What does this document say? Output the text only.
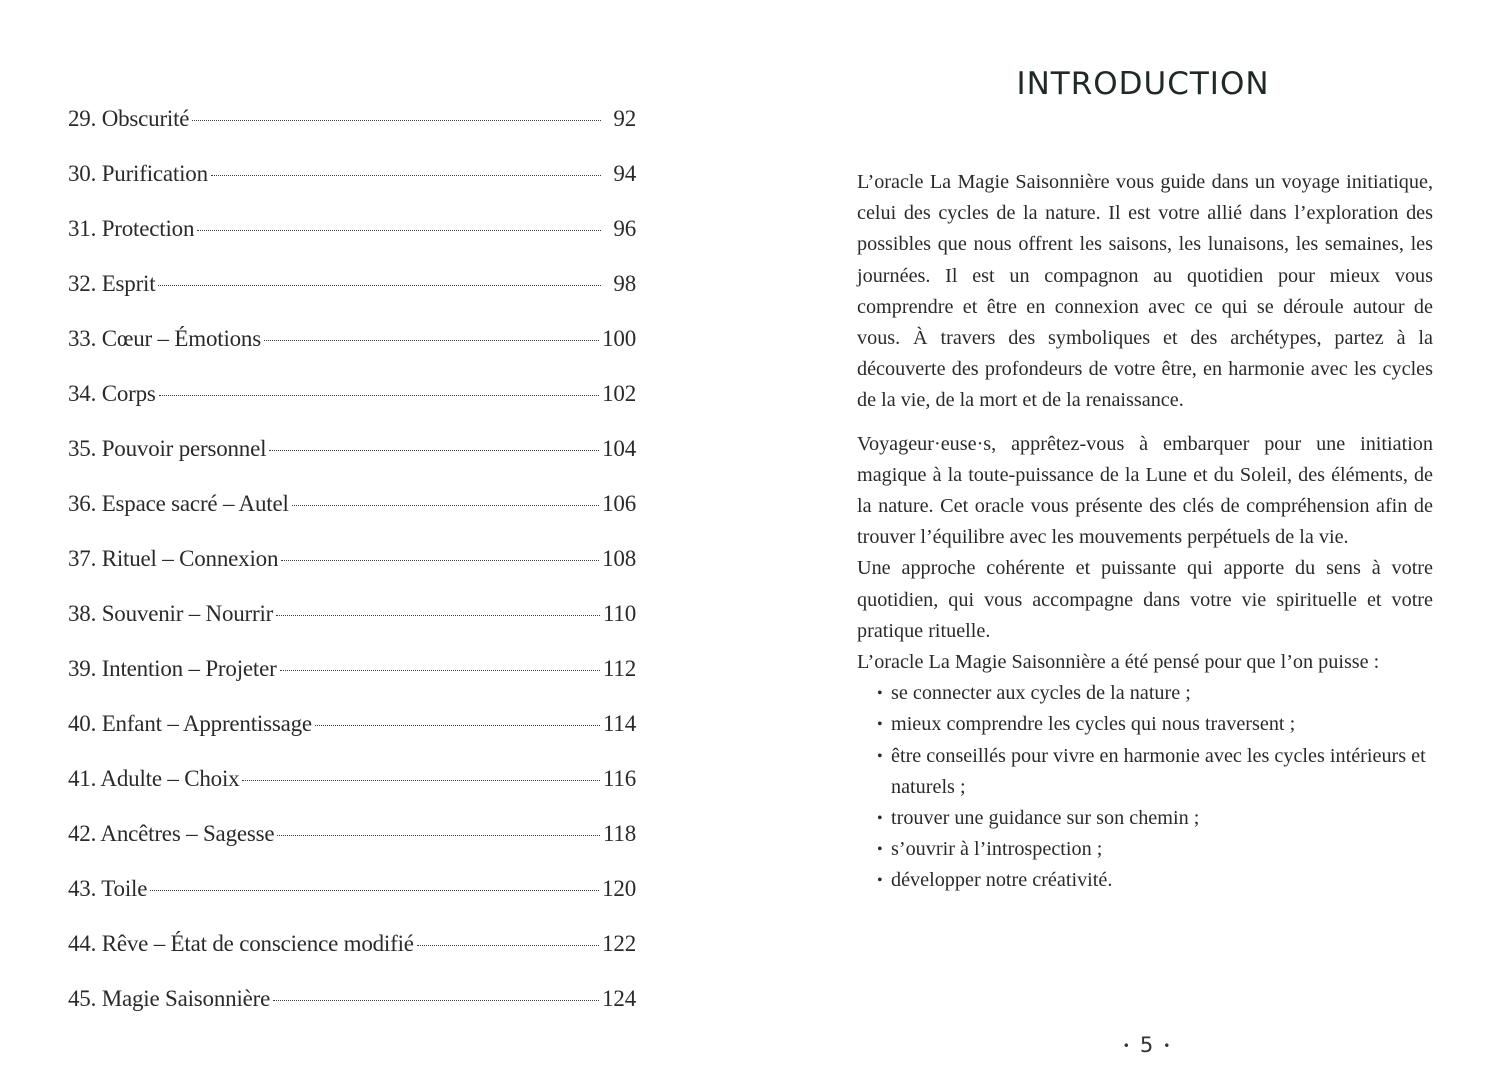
29. Obscurité	92
30. Purification	94
31. Protection	96
32. Esprit	98
33. Cœur – Émotions	100
34. Corps	102
35. Pouvoir personnel	104
36. Espace sacré – Autel	106
37. Rituel – Connexion	108
38. Souvenir – Nourrir	110
39. Intention – Projeter	112
40. Enfant – Apprentissage	114
41. Adulte – Choix	116
42. Ancêtres – Sagesse	118
43. Toile	120
44. Rêve – État de conscience modifié	122
45. Magie Saisonnière	124
INTRODUCTION

L’oracle La Magie Saisonnière vous guide dans un voyage initiatique, celui des cycles de la nature. Il est votre allié dans l’exploration des possibles que nous offrent les saisons, les lunaisons, les semaines, les journées. Il est un compagnon au quotidien pour mieux vous comprendre et être en connexion avec ce qui se déroule autour de vous. À travers des symboliques et des archétypes, partez à la découverte des profondeurs de votre être, en harmonie avec les cycles de la vie, de la mort et de la renaissance.

Voyageur·euse·s, apprêtez-vous à embarquer pour une initiation magique à la toute-puissance de la Lune et du Soleil, des éléments, de la nature. Cet oracle vous présente des clés de compréhension afin de trouver l’équilibre avec les mouvements perpétuels de la vie.

Une approche cohérente et puissante qui apporte du sens à votre quotidien, qui vous accompagne dans votre vie spirituelle et votre pratique rituelle.

L’oracle La Magie Saisonnière a été pensé pour que l’on puisse :

• se connecter aux cycles de la nature ;
• mieux comprendre les cycles qui nous traversent ;
• être conseillés pour vivre en harmonie avec les cycles intérieurs et naturels ;
• trouver une guidance sur son chemin ;
• s’ouvrir à l’introspection ;
• développer notre créativité.
• 5 •
